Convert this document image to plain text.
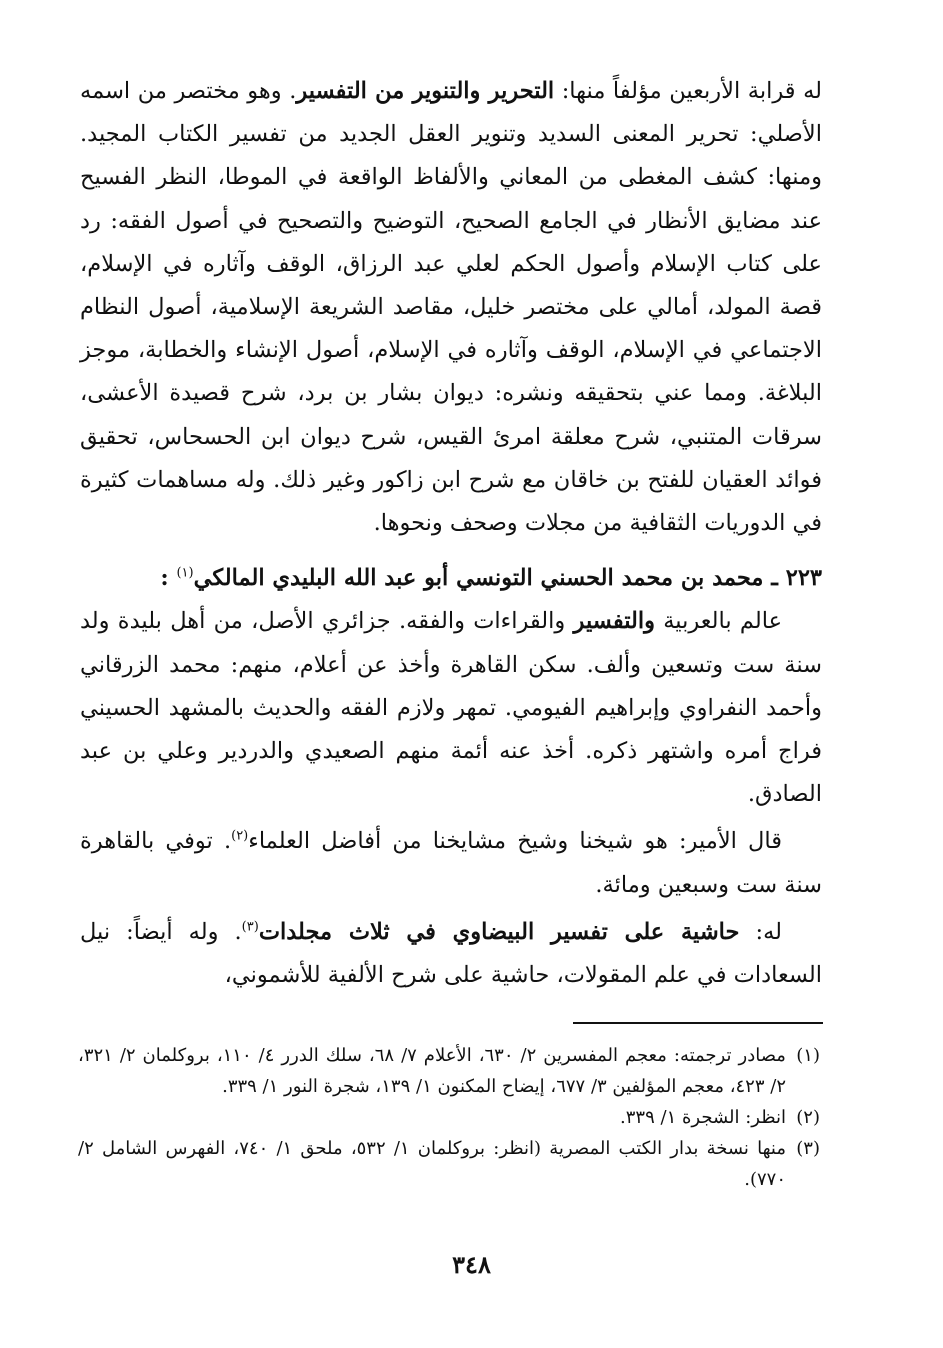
له قرابة الأربعين مؤلفاً منها: التحرير والتنوير من التفسير. وهو مختصر من اسمه الأصلي: تحرير المعنى السديد وتنوير العقل الجديد من تفسير الكتاب المجيد. ومنها: كشف المغطى من المعاني والألفاظ الواقعة في الموطا، النظر الفسيح عند مضايق الأنظار في الجامع الصحيح، التوضيح والتصحيح في أصول الفقه: رد على كتاب الإسلام وأصول الحكم لعلي عبد الرزاق، الوقف وآثاره في الإسلام، قصة المولد، أمالي على مختصر خليل، مقاصد الشريعة الإسلامية، أصول النظام الاجتماعي في الإسلام، الوقف وآثاره في الإسلام، أصول الإنشاء والخطابة، موجز البلاغة. ومما عني بتحقيقه ونشره: ديوان بشار بن برد، شرح قصيدة الأعشى، سرقات المتنبي، شرح معلقة امرئ القيس، شرح ديوان ابن الحسحاس، تحقيق فوائد العقيان للفتح بن خاقان مع شرح ابن زاكور وغير ذلك. وله مساهمات كثيرة في الدوريات الثقافية من مجلات وصحف ونحوها.

٢٢٣ ـ محمد بن محمد الحسني التونسي أبو عبد الله البليدي المالكي$^{(١)}$ :

عالم بالعربية والتفسير والقراءات والفقه. جزائري الأصل، من أهل بليدة ولد سنة ست وتسعين وألف. سكن القاهرة وأخذ عن أعلام، منهم: محمد الزرقاني وأحمد النفراوي وإبراهيم الفيومي. تمهر ولازم الفقه والحديث بالمشهد الحسيني فراج أمره واشتهر ذكره. أخذ عنه أئمة منهم الصعيدي والدردير وعلي بن عبد الصادق.

قال الأمير: هو شيخنا وشيخ مشايخنا من أفاضل العلماء$^{(٢)}$. توفي بالقاهرة سنة ست وسبعين ومائة.

له: حاشية على تفسير البيضاوي في ثلاث مجلدات$^{(٣)}$. وله أيضاً: نيل السعادات في علم المقولات، حاشية على شرح الألفية للأشموني،

(١)
مصادر ترجمته: معجم المفسرين ٢/ ٦٣٠، الأعلام ٧/ ٦٨، سلك الدرر ٤/ ١١٠، بروكلمان ٢/ ٣٢١، ٢/ ٤٢٣، معجم المؤلفين ٣/ ٦٧٧، إيضاح المكنون ١/ ١٣٩، شجرة النور ١/ ٣٣٩.
(٢)
انظر: الشجرة ١/ ٣٣٩.
(٣)
منها نسخة بدار الكتب المصرية (انظر: بروكلمان ١/ ٥٣٢، ملحق ١/ ٧٤٠، الفهرس الشامل ٢/ ٧٧٠).
٣٤٨
